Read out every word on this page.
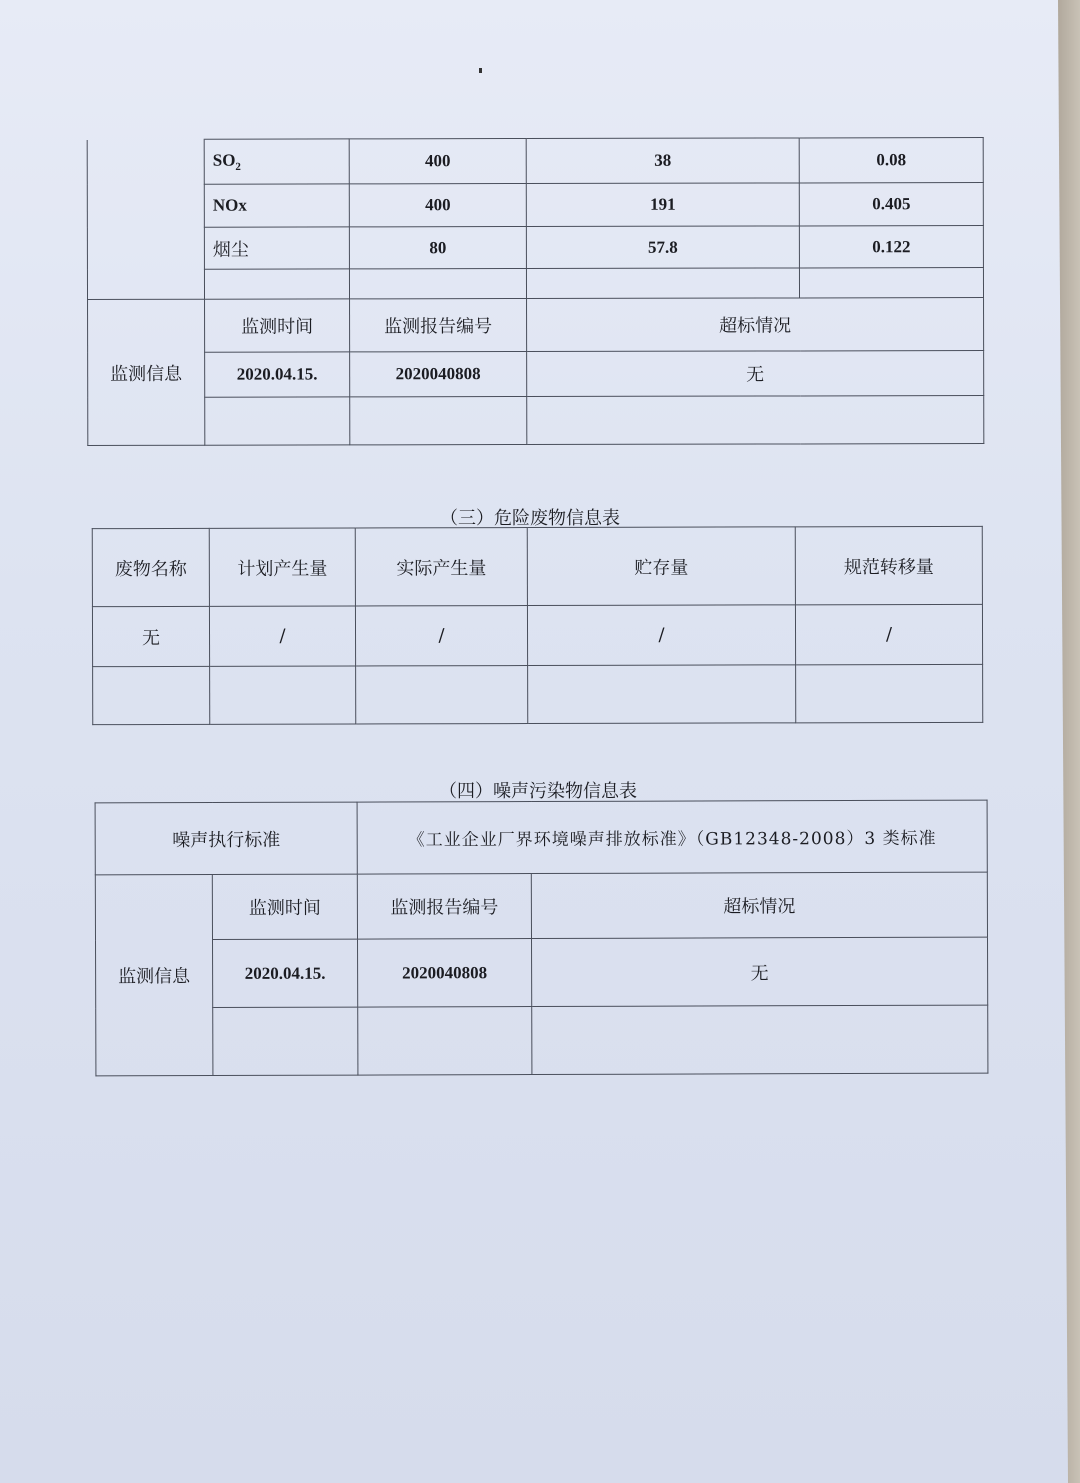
	$SO_2$	400	38	0.08
	NOx	400	191	0.405
	烟尘	80	57.8	0.122

监测信息	监测时间	监测报告编号	超标情况	
	2020.04.15.	2020040808	无	

（三）危险废物信息表
废物名称	计划产生量	实际产生量	贮存量	规范转移量
无	/	/	/	/

（四）噪声污染物信息表
噪声执行标准		《工业企业厂界环境噪声排放标准》（GB12348-2008）3 类标准	
监测信息	监测时间	监测报告编号	超标情况
	2020.04.15.	2020040808	无
